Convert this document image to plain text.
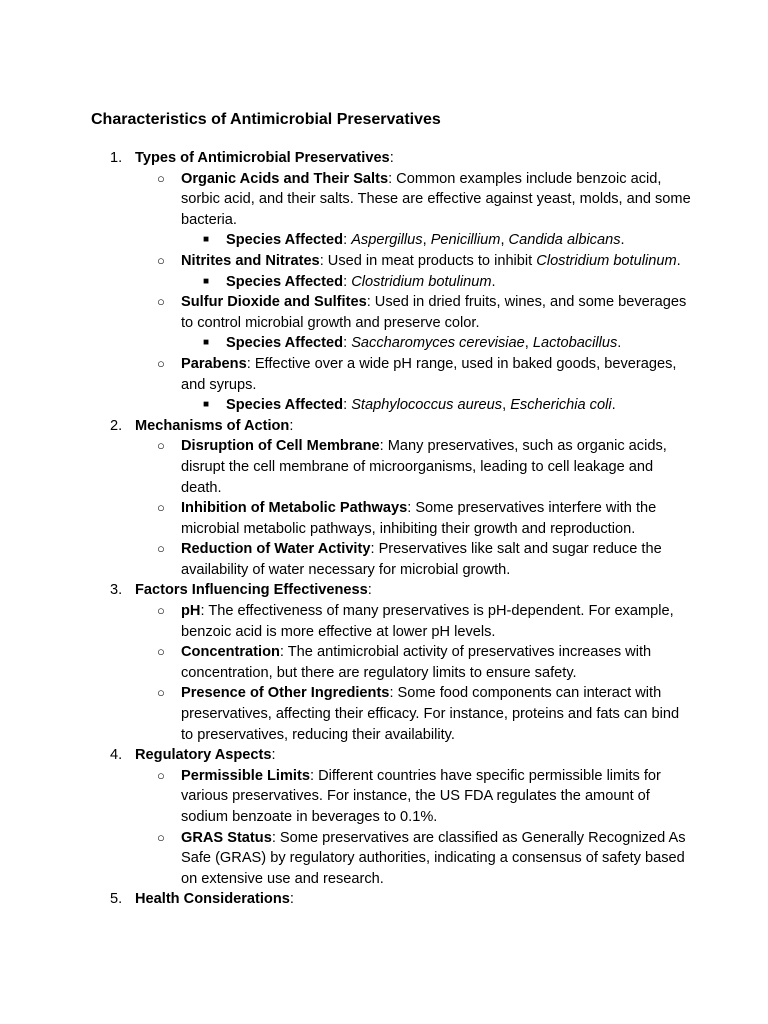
Characteristics of Antimicrobial Preservatives
1. Types of Antimicrobial Preservatives:
○ Organic Acids and Their Salts: Common examples include benzoic acid, sorbic acid, and their salts. These are effective against yeast, molds, and some bacteria.
■ Species Affected: Aspergillus, Penicillium, Candida albicans.
○ Nitrites and Nitrates: Used in meat products to inhibit Clostridium botulinum.
■ Species Affected: Clostridium botulinum.
○ Sulfur Dioxide and Sulfites: Used in dried fruits, wines, and some beverages to control microbial growth and preserve color.
■ Species Affected: Saccharomyces cerevisiae, Lactobacillus.
○ Parabens: Effective over a wide pH range, used in baked goods, beverages, and syrups.
■ Species Affected: Staphylococcus aureus, Escherichia coli.
2. Mechanisms of Action:
○ Disruption of Cell Membrane: Many preservatives, such as organic acids, disrupt the cell membrane of microorganisms, leading to cell leakage and death.
○ Inhibition of Metabolic Pathways: Some preservatives interfere with the microbial metabolic pathways, inhibiting their growth and reproduction.
○ Reduction of Water Activity: Preservatives like salt and sugar reduce the availability of water necessary for microbial growth.
3. Factors Influencing Effectiveness:
○ pH: The effectiveness of many preservatives is pH-dependent. For example, benzoic acid is more effective at lower pH levels.
○ Concentration: The antimicrobial activity of preservatives increases with concentration, but there are regulatory limits to ensure safety.
○ Presence of Other Ingredients: Some food components can interact with preservatives, affecting their efficacy. For instance, proteins and fats can bind to preservatives, reducing their availability.
4. Regulatory Aspects:
○ Permissible Limits: Different countries have specific permissible limits for various preservatives. For instance, the US FDA regulates the amount of sodium benzoate in beverages to 0.1%.
○ GRAS Status: Some preservatives are classified as Generally Recognized As Safe (GRAS) by regulatory authorities, indicating a consensus of safety based on extensive use and research.
5. Health Considerations:
